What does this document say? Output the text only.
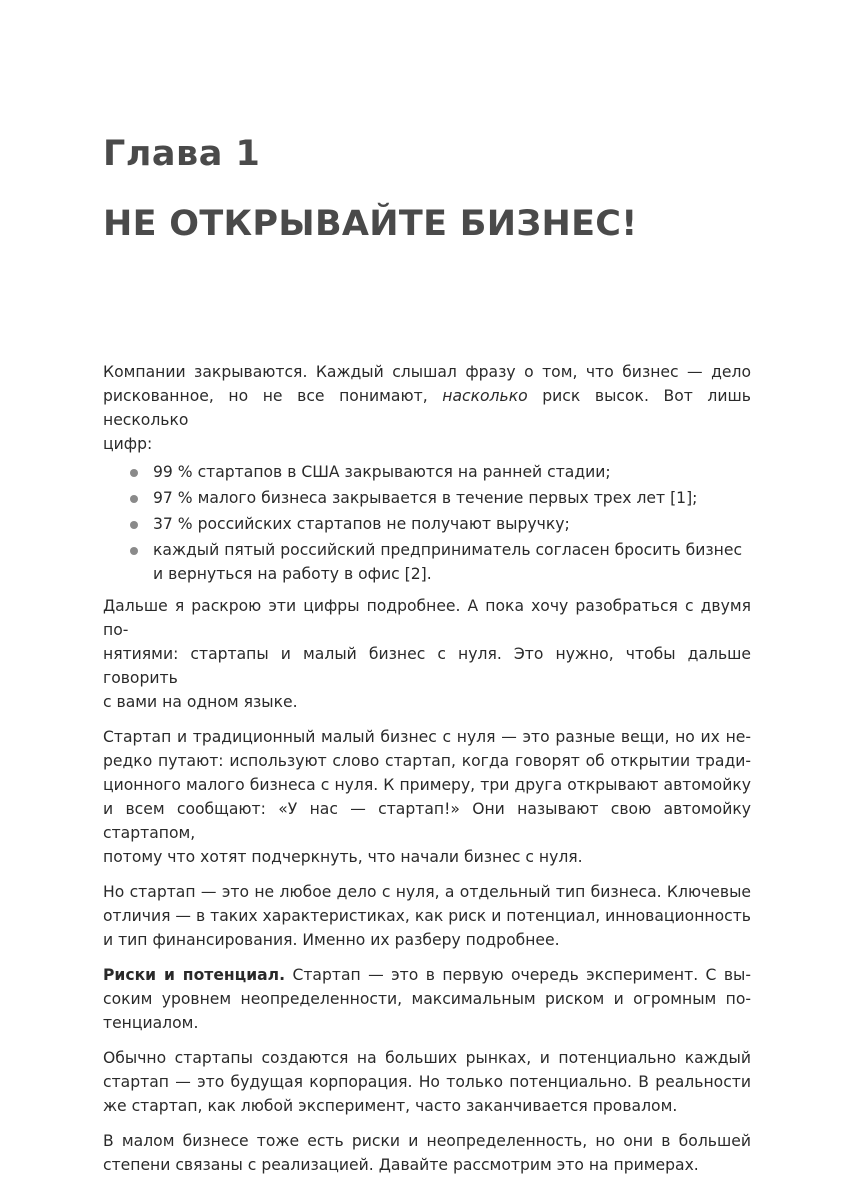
Глава 1
НЕ ОТКРЫВАЙТЕ БИЗНЕС!

Компании закрываются. Каждый слышал фразу о том, что бизнес — дело
рискованное, но не все понимают, насколько риск высок. Вот лишь несколько
цифр:

99 % стартапов в США закрываются на ранней стадии;
97 % малого бизнеса закрывается в течение первых трех лет [1];
37 % российских стартапов не получают выручку;
каждый пятый российский предприниматель согласен бросить бизнес
и вернуться на работу в офис [2].

Дальше я раскрою эти цифры подробнее. А пока хочу разобраться с двумя по-
нятиями: стартапы и малый бизнес с нуля. Это нужно, чтобы дальше говорить
с вами на одном языке.

Стартап и традиционный малый бизнес с нуля — это разные вещи, но их не-
редко путают: используют слово стартап, когда говорят об открытии тради-
ционного малого бизнеса с нуля. К примеру, три друга открывают автомойку
и всем сообщают: «У нас — стартап!» Они называют свою автомойку стартапом,
потому что хотят подчеркнуть, что начали бизнес с нуля.

Но стартап — это не любое дело с нуля, а отдельный тип бизнеса. Ключевые
отличия — в таких характеристиках, как риск и потенциал, инновационность
и тип финансирования. Именно их разберу подробнее.

Риски и потенциал. Стартап — это в первую очередь эксперимент. С вы-
соким уровнем неопределенности, максимальным риском и огромным по-
тенциалом.

Обычно стартапы создаются на больших рынках, и потенциально каждый
стартап — это будущая корпорация. Но только потенциально. В реальности
же стартап, как любой эксперимент, часто заканчивается провалом.

В малом бизнесе тоже есть риски и неопределенность, но они в большей
степени связаны с реализацией. Давайте рассмотрим это на примерах.
